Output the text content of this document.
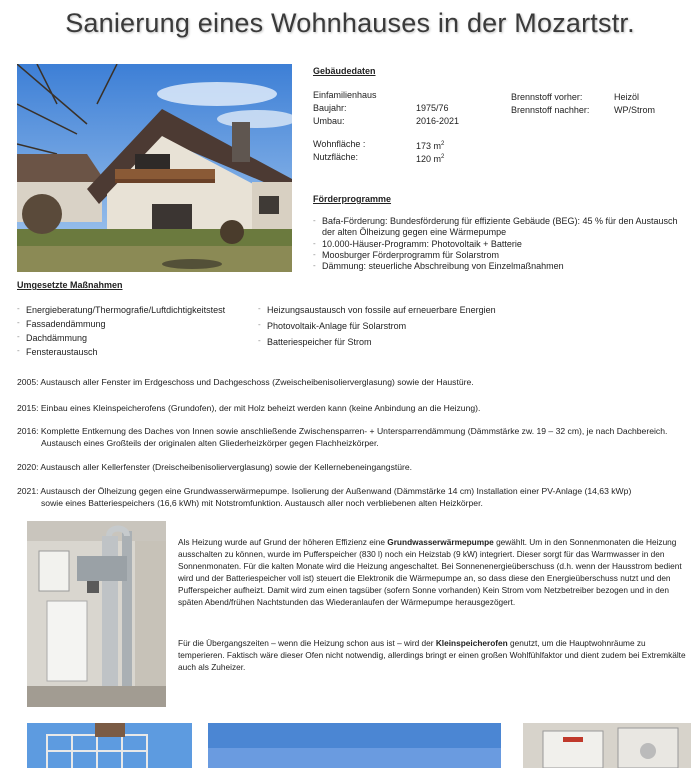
Sanierung eines Wohnhauses in der Mozartstr.
Gebäudedaten
Einfamilienhaus
Baujahr:	1975/76
Umbau:	2016-2021
Wohnfläche :	173 $m^2$
Nutzfläche:	120 $m^2$
Brennstoff vorher:	Heizöl
Brennstoff nachher:	WP/Strom
Förderprogramme
- Bafa-Förderung: Bundesförderung für effiziente Gebäude (BEG): 45 % für den Austausch der alten Ölheizung gegen eine Wärmepumpe
- 10.000-Häuser-Programm: Photovoltaik + Batterie
- Moosburger Förderprogramm für Solarstrom
- Dämmung: steuerliche Abschreibung von Einzelmaßnahmen
Umgesetzte Maßnahmen
- Energieberatung/Thermografie/Luftdichtigkeitstest
- Fassadendämmung
- Dachdämmung
- Fensteraustausch
- Heizungsaustausch von fossile auf erneuerbare Energien
- Photovoltaik-Anlage für Solarstrom
- Batteriespeicher für Strom
2005: Austausch aller Fenster im Erdgeschoss und Dachgeschoss (Zweischeibenisolierverglasung) sowie der Haustüre.
2015: Einbau eines Kleinspeicherofens (Grundofen), der mit Holz beheizt werden kann (keine Anbindung an die Heizung).
2016: Komplette Entkernung des Daches von Innen sowie anschließende Zwischensparren- + Untersparrendämmung (Dämmstärke zw. 19 – 32 cm), je nach Dachbereich.
Austausch eines Großteils der originalen alten Gliederheizkörper gegen Flachheizkörper.
2020: Austausch aller Kellerfenster (Dreischeibenisolierverglasung) sowie der Kellernebeneingangstüre.
2021: Austausch der Ölheizung gegen eine Grundwasserwärmepumpe. Isolierung der Außenwand (Dämmstärke 14 cm) Installation einer PV-Anlage (14,63 kWp)
sowie eines Batteriespeichers (16,6 kWh) mit Notstromfunktion. Austausch aller noch verbliebenen alten Heizkörper.
Als Heizung wurde auf Grund der höheren Effizienz eine Grundwasserwärmepumpe gewählt. Um in den Sonnenmonaten die Heizung ausschalten zu können, wurde im Pufferspeicher (830 l) noch ein Heizstab (9 kW) integriert. Dieser sorgt für das Warmwasser in den Sonnenmonaten. Für die kalten Monate wird die Heizung angeschaltet. Bei Sonnenenergieüberschuss (d.h. wenn der Hausstrom bedient wird und der Batteriespeicher voll ist) steuert die Elektronik die Wärmepumpe an, so dass diese den Energieüberschuss nutzt und den Pufferspeicher aufheizt. Damit wird zum einen tagsüber (sofern Sonne vorhanden) Kein Strom vom Netzbetreiber bezogen und in den späten Abend/frühen Nachtstunden das Wiederanlaufen der Wärmepumpe herausgezögert.
Für die Übergangszeiten – wenn die Heizung schon aus ist – wird der Kleinspeicherofen genutzt, um die Hauptwohnräume zu temperieren. Faktisch wäre dieser Ofen nicht notwendig, allerdings bringt er einen großen Wohlfühlfaktor und dient zudem bei Extremkälte auch als Zuheizer.
